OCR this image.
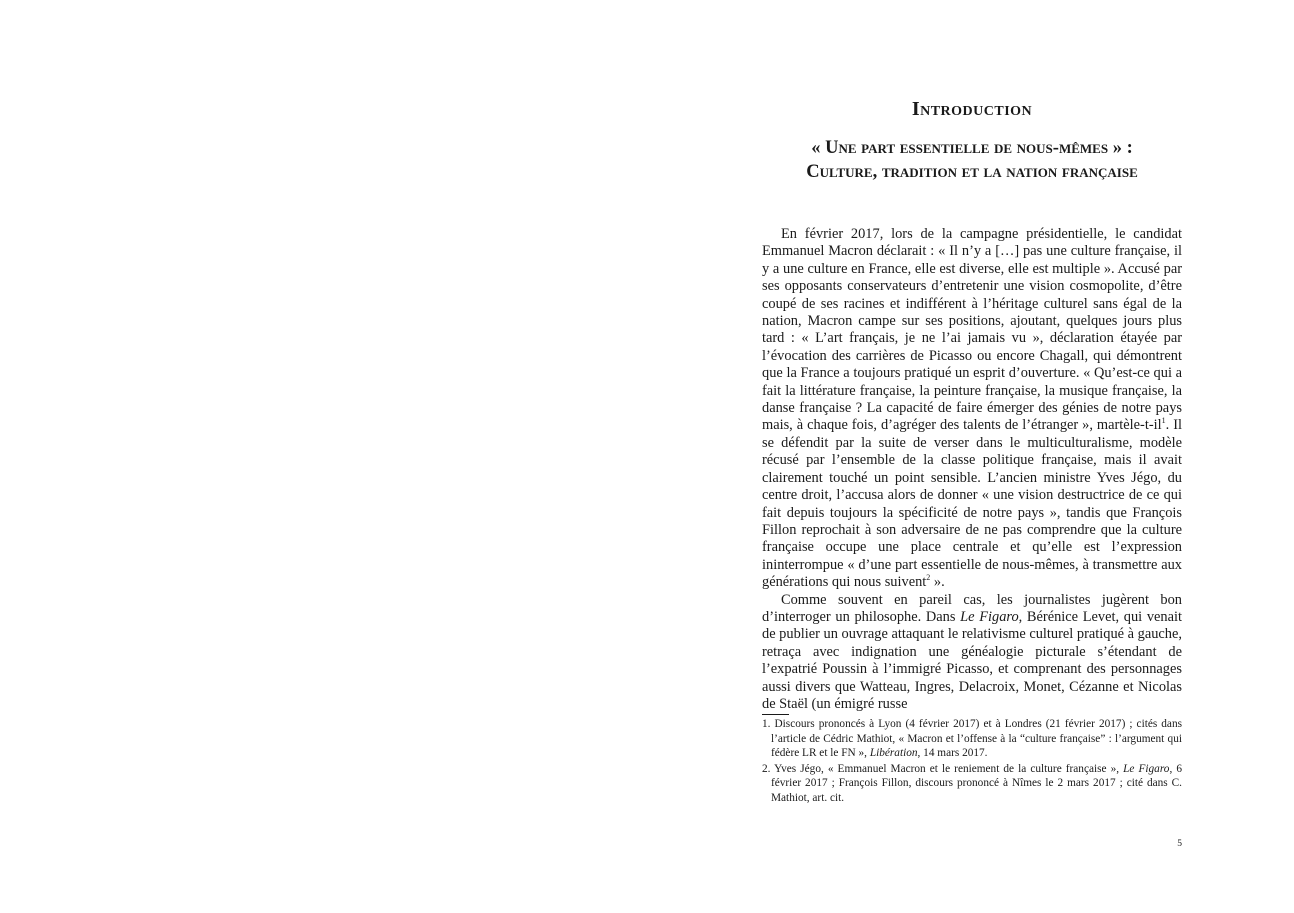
Introduction
« Une part essentielle de nous-mêmes » :
Culture, tradition et la nation française

En février 2017, lors de la campagne présidentielle, le candidat Emmanuel Macron déclarait : « Il n’y a […] pas une culture française, il y a une culture en France, elle est diverse, elle est multiple ». Accusé par ses opposants conservateurs d’entretenir une vision cosmopolite, d’être coupé de ses racines et indifférent à l’héritage culturel sans égal de la nation, Macron campe sur ses positions, ajoutant, quelques jours plus tard : « L’art français, je ne l’ai jamais vu », déclaration étayée par l’évocation des carrières de Picasso ou encore Chagall, qui démontrent que la France a toujours pratiqué un esprit d’ouverture. « Qu’est-ce qui a fait la littérature française, la peinture française, la musique française, la danse française ? La capacité de faire émerger des génies de notre pays mais, à chaque fois, d’agréger des talents de l’étranger », martèle-$t-il^1$. Il se défendit par la suite de verser dans le multiculturalisme, modèle récusé par l’ensemble de la classe politique française, mais il avait clairement touché un point sensible. L’ancien ministre Yves Jégo, du centre droit, l’accusa alors de donner « une vision destructrice de ce qui fait depuis toujours la spécificité de notre pays », tandis que François Fillon reprochait à son adversaire de ne pas comprendre que la culture française occupe une place centrale et qu’elle est l’expression ininterrompue « d’une part essentielle de nous-mêmes, à transmettre aux générations qui nous suivent$^2$ ».

Comme souvent en pareil cas, les journalistes jugèrent bon d’interroger un philosophe. Dans Le Figaro, Bérénice Levet, qui venait de publier un ouvrage attaquant le relativisme culturel pratiqué à gauche, retraça avec indignation une généalogie picturale s’étendant de l’expatrié Poussin à l’immigré Picasso, et comprenant des personnages aussi divers que Watteau, Ingres, Delacroix, Monet, Cézanne et Nicolas de Staël (un émigré russe

1. Discours prononcés à Lyon (4 février 2017) et à Londres (21 février 2017) ; cités dans l’article de Cédric Mathiot, « Macron et l’offense à la “culture française” : l’argument qui fédère LR et le FN », Libération, 14 mars 2017.

2. Yves Jégo, « Emmanuel Macron et le reniement de la culture française », Le Figaro, 6 février 2017 ; François Fillon, discours prononcé à Nîmes le 2 mars 2017 ; cité dans C. Mathiot, art. cit.

5
